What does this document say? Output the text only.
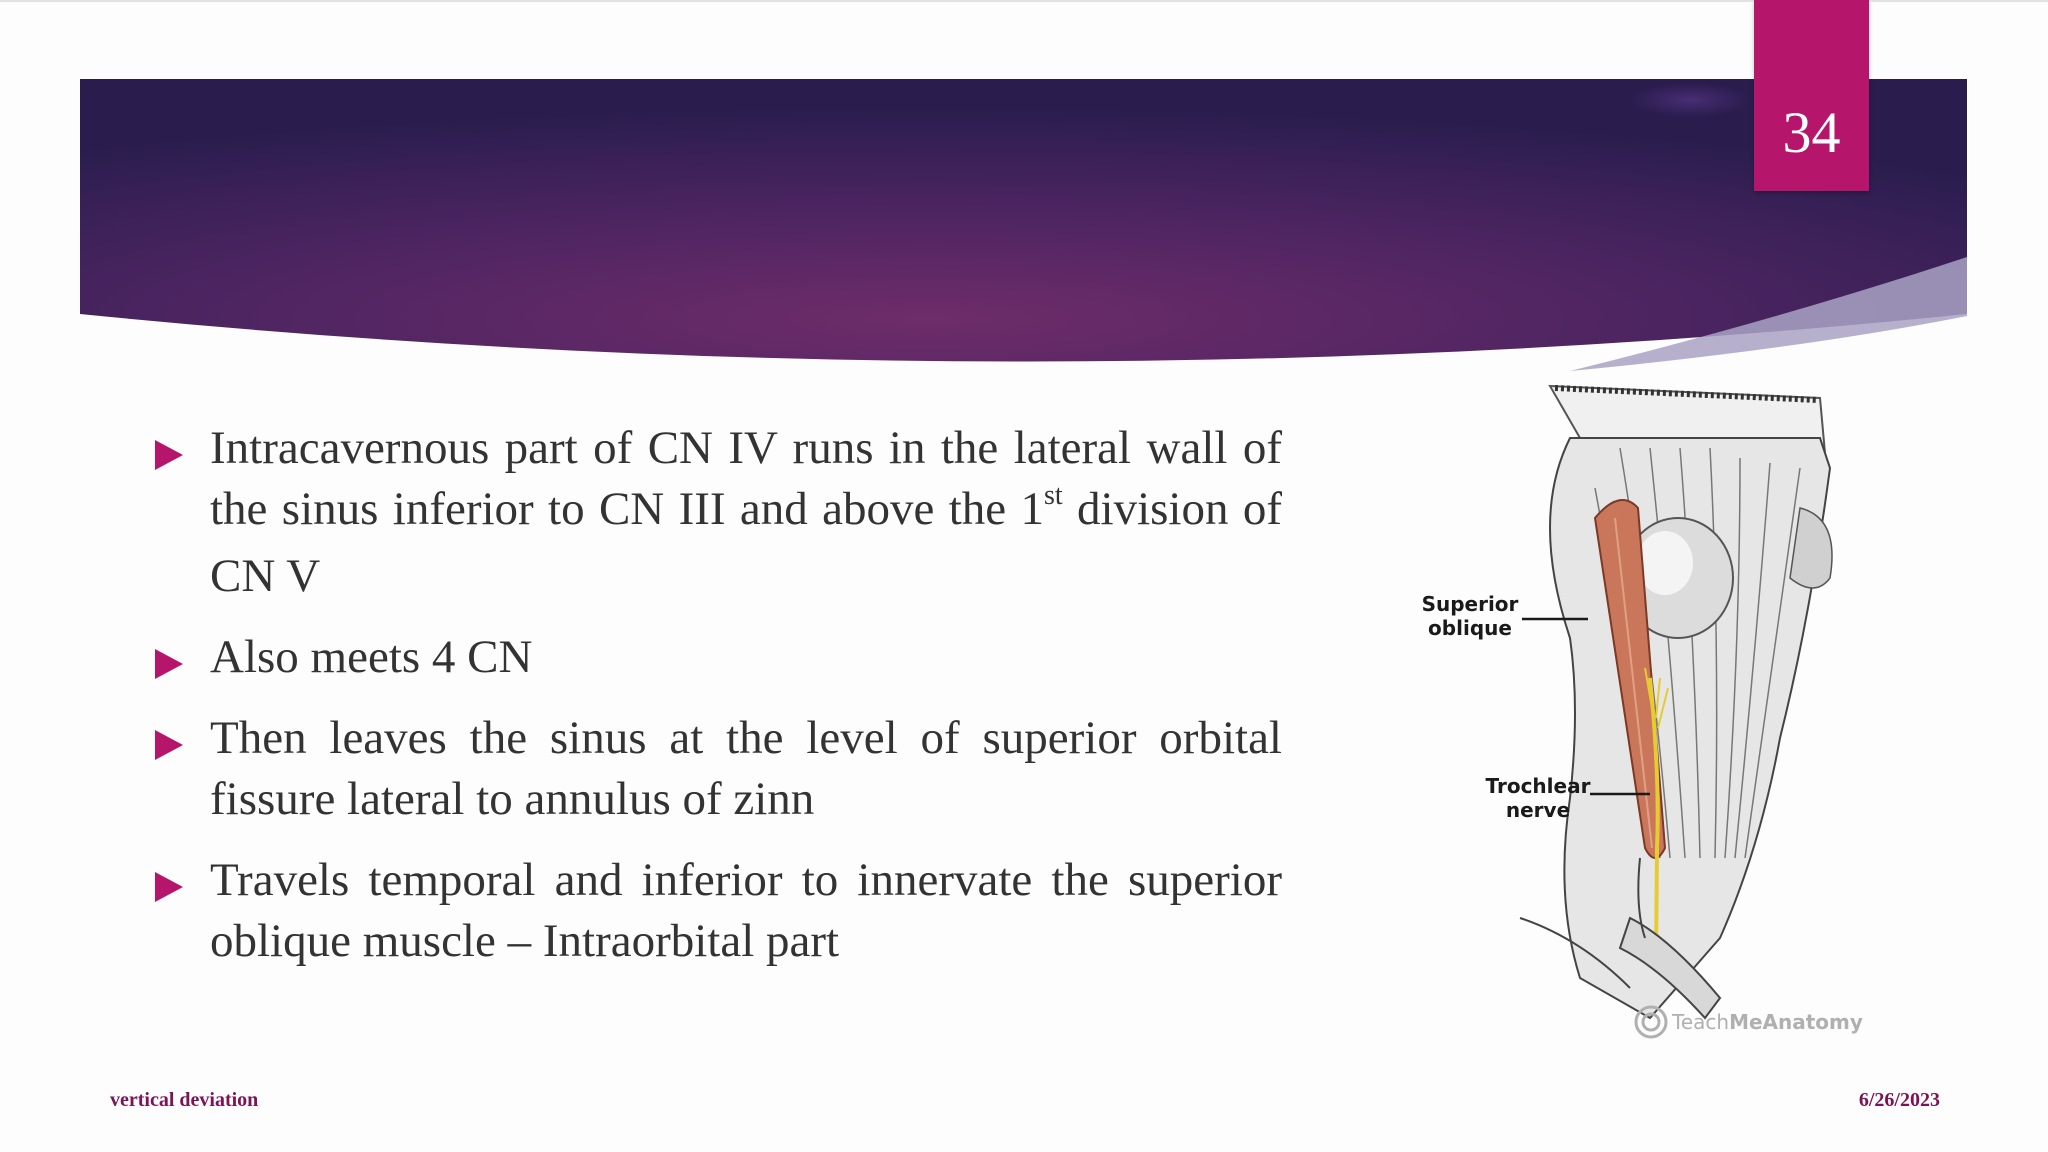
34

Intracavernous part of CN IV runs in the lateral wall of the sinus inferior to CN III and above the 1st division of CN V

Also meets 4 CN

Then leaves the sinus at the level of superior orbital fissure lateral to annulus of zinn

Travels temporal and inferior to innervate the superior oblique muscle – Intraorbital part

Superior
oblique
Trochlear
nerve
Teach MeAnatomy
vertical deviation	6/26/2023
